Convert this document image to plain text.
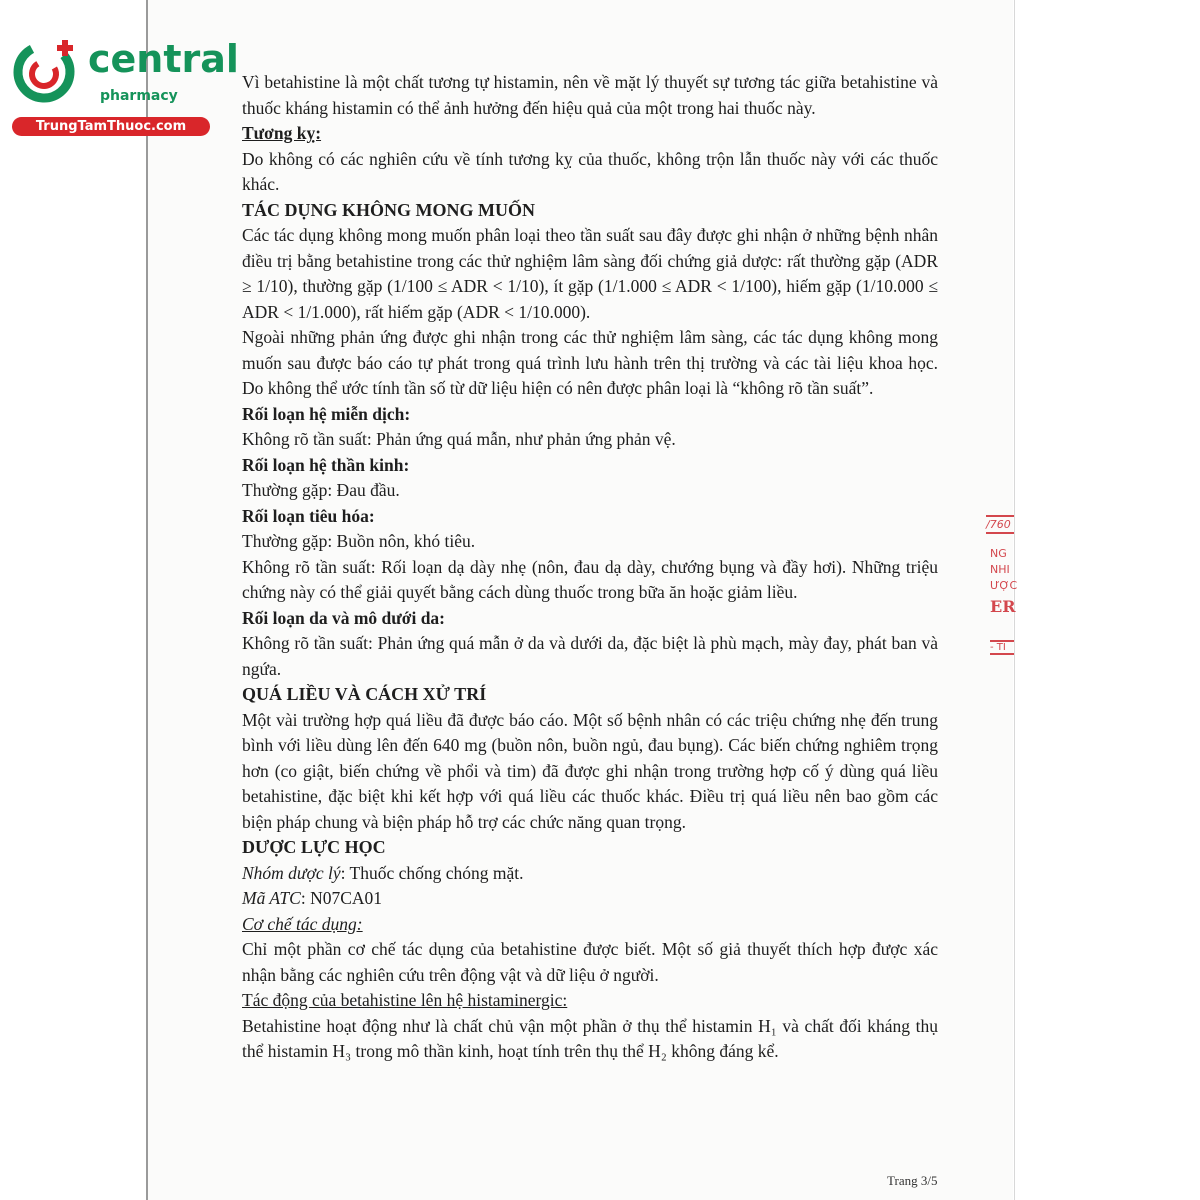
central
pharmacy
TrungTamThuoc.com
/760
NG
NHI
ƯỢC
ER
- TI

Vì betahistine là một chất tương tự histamin, nên về mặt lý thuyết sự tương tác giữa betahistine và thuốc kháng histamin có thể ảnh hưởng đến hiệu quả của một trong hai thuốc này.

Tương kỵ:

Do không có các nghiên cứu về tính tương kỵ của thuốc, không trộn lẫn thuốc này với các thuốc khác.

TÁC DỤNG KHÔNG MONG MUỐN

Các tác dụng không mong muốn phân loại theo tần suất sau đây được ghi nhận ở những bệnh nhân điều trị bằng betahistine trong các thử nghiệm lâm sàng đối chứng giả dược: rất thường gặp (ADR ≥ 1/10), thường gặp (1/100 ≤ ADR < 1/10), ít gặp (1/1.000 ≤ ADR < 1/100), hiếm gặp (1/10.000 ≤ ADR < 1/1.000), rất hiếm gặp (ADR < 1/10.000).

Ngoài những phản ứng được ghi nhận trong các thử nghiệm lâm sàng, các tác dụng không mong muốn sau được báo cáo tự phát trong quá trình lưu hành trên thị trường và các tài liệu khoa học. Do không thể ước tính tần số từ dữ liệu hiện có nên được phân loại là “không rõ tần suất”.

Rối loạn hệ miễn dịch:

Không rõ tần suất: Phản ứng quá mẫn, như phản ứng phản vệ.

Rối loạn hệ thần kinh:

Thường gặp: Đau đầu.

Rối loạn tiêu hóa:

Thường gặp: Buồn nôn, khó tiêu.

Không rõ tần suất: Rối loạn dạ dày nhẹ (nôn, đau dạ dày, chướng bụng và đầy hơi). Những triệu chứng này có thể giải quyết bằng cách dùng thuốc trong bữa ăn hoặc giảm liều.

Rối loạn da và mô dưới da:

Không rõ tần suất: Phản ứng quá mẫn ở da và dưới da, đặc biệt là phù mạch, mày đay, phát ban và ngứa.

QUÁ LIỀU VÀ CÁCH XỬ TRÍ

Một vài trường hợp quá liều đã được báo cáo. Một số bệnh nhân có các triệu chứng nhẹ đến trung bình với liều dùng lên đến 640 mg (buồn nôn, buồn ngủ, đau bụng). Các biến chứng nghiêm trọng hơn (co giật, biến chứng về phổi và tim) đã được ghi nhận trong trường hợp cố ý dùng quá liều betahistine, đặc biệt khi kết hợp với quá liều các thuốc khác. Điều trị quá liều nên bao gồm các biện pháp chung và biện pháp hỗ trợ các chức năng quan trọng.

DƯỢC LỰC HỌC

Nhóm dược lý: Thuốc chống chóng mặt.

Mã ATC: N07CA01

Cơ chế tác dụng:

Chỉ một phần cơ chế tác dụng của betahistine được biết. Một số giả thuyết thích hợp được xác nhận bằng các nghiên cứu trên động vật và dữ liệu ở người.

Tác động của betahistine lên hệ histaminergic:

Betahistine hoạt động như là chất chủ vận một phần ở thụ thể histamin H₁ và chất đối kháng thụ thể histamin H₃ trong mô thần kinh, hoạt tính trên thụ thể H₂ không đáng kể.

Trang 3/5
